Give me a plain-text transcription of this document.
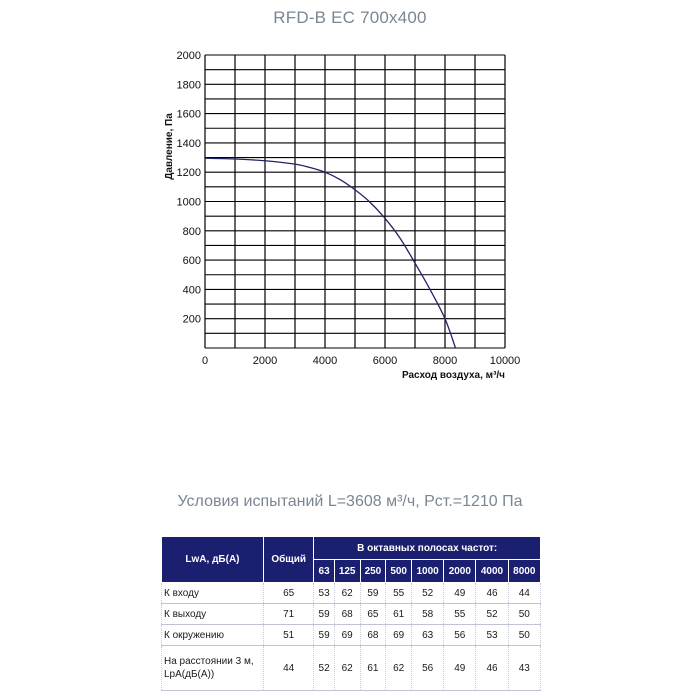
RFD-B EC 700x400
200
400
600
800
1000
1200
1400
1600
1800
2000
0	2000	4000	6000	8000	10000
Давление, Па
Расход воздуха, м³/ч
Условия испытаний L=3608 м³/ч, Рст.=1210 Па
LwA, дБ(А)	Общий	В октавных полосах частот:							
		63	125	250	500	1000	2000	4000	8000
К входу	65	53	62	59	55	52	49	46	44
К выходу	71	59	68	65	61	58	55	52	50
К окружению	51	59	69	68	69	63	56	53	50
На расстоянии 3 м, LpA(дБ(А))	44	52	62	61	62	56	49	46	43
